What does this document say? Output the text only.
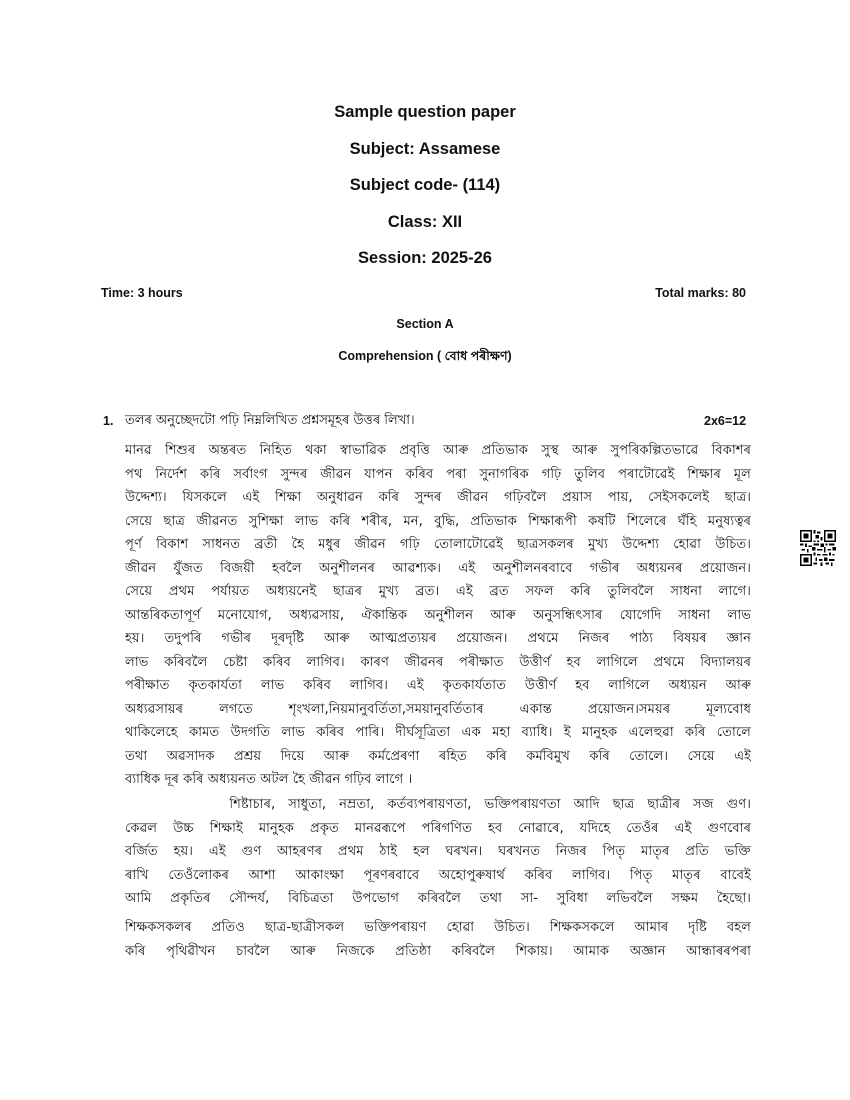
Sample question paper
Subject: Assamese
Subject code- (114)
Class: XII
Session: 2025-26
Time: 3 hours	Total marks: 80
Section A
Comprehension ( বোধ পৰীক্ষণ)
1. তলৰ অনুচ্ছেদটো পঢ়ি নিম্নলিখিত প্ৰশ্নসমূহৰ উত্তৰ লিখা।	2x6=12
মানৱ শিশুৰ অন্তৰত নিহিত থকা স্বাভাৱিক প্ৰবৃত্তি আৰু প্ৰতিভাক সুস্থ আৰু সুপৰিকল্পিতভাৱে বিকাশৰ
পথ নিৰ্দেশ কৰি সৰ্বাংগ সুন্দৰ জীৱন যাপন কৰিব পৰা সুনাগৰিক গঢ়ি তুলিব পৰাটোৱেই শিক্ষাৰ মূল
উদ্দেশ্য। যিসকলে এই শিক্ষা অনুধাৱন কৰি সুন্দৰ জীৱন গঢ়িবলৈ প্ৰয়াস পায়, সেইসকলেই ছাত্ৰ।
সেয়ে ছাত্ৰ জীৱনত সুশিক্ষা লাভ কৰি শৰীৰ, মন, বুদ্ধি, প্ৰতিভাক শিক্ষাৰূপী কষটি শিলেৰে ঘঁহি মনুষ্যত্বৰ
পূৰ্ণ বিকাশ সাধনত ব্ৰতী হৈ মধুৰ জীৱন গঢ়ি তোলাটোৱেই ছাত্ৰসকলৰ মুখ্য উদ্দেশ্য হোৱা উচিত।
জীৱন যুঁজত বিজয়ী হবলৈ অনুশীলনৰ আৱশ্যক। এই অনুশীলনৰবাবে গভীৰ অধ্যয়নৰ প্ৰয়োজন।
সেয়ে প্ৰথম পৰ্যায়ত অধ্যয়নেই ছাত্ৰৰ মুখ্য ব্ৰত। এই ব্ৰত সফল কৰি তুলিবলৈ সাধনা লাগে।
আন্তৰিকতাপূৰ্ণ মনোযোগ, অধ্যৱসায়, ঐকান্তিক অনুশীলন আৰু অনুসন্ধিৎসাৰ যোগেদি সাধনা লাভ
হয়। তদুপৰি গভীৰ দূৰদৃষ্টি আৰু আত্মপ্ৰত্যয়ৰ প্ৰয়োজন। প্ৰথমে নিজৰ পাঠ্য বিষয়ৰ জ্ঞান
লাভ কৰিবলৈ চেষ্টা কৰিব লাগিব। কাৰণ জীৱনৰ পৰীক্ষাত উত্তীৰ্ণ হব লাগিলে প্ৰথমে বিদ্যালয়ৰ
পৰীক্ষাত কৃতকাৰ্যতা লাভ কৰিব লাগিব। এই কৃতকাৰ্যতাত উত্তীৰ্ণ হব লাগিলে অধ্যয়ন আৰু
অধ্যৱসায়ৰ লগতে শৃংখলা,নিয়মানুবৰ্তিতা,সময়ানুবৰ্তিতাৰ একান্ত প্ৰয়োজন।সময়ৰ মূল্যবোধ
থাকিলেহে কামত উদগতি লাভ কৰিব পাৰি। দীৰ্ঘসূত্ৰিতা এক মহা ব্যাধি। ই মানুহক এলেহুৱা কৰি তোলে
তথা অৱসাদক প্ৰশ্ৰয় দিয়ে আৰু কৰ্মপ্ৰেৰণা ৰহিত কৰি কৰ্মবিমুখ কৰি তোলে। সেয়ে এই
ব্যাধিক দূৰ কৰি অধ্যয়নত অটল হৈ জীৱন গঢ়িব লাগে ।
শিষ্টাচাৰ, সাধুতা, নম্ৰতা, কৰ্তব্যপৰায়ণতা, ভক্তিপৰায়ণতা আদি ছাত্ৰ ছাত্ৰীৰ সজ গুণ।
কেৱল উচ্চ শিক্ষাই মানুহক প্ৰকৃত মানৱৰূপে পৰিগণিত হব নোৱাৰে, যদিহে তেওঁৰ এই গুণবোৰ
বৰ্জিত হয়। এই গুণ আহৰণৰ প্ৰথম ঠাই হল ঘৰখন। ঘৰখনত নিজৰ পিতৃ মাতৃৰ প্ৰতি ভক্তি
ৰাখি তেওঁলোকৰ আশা আকাংক্ষা পূৰণৰবাবে অহোপুৰুষাৰ্থ কৰিব লাগিব। পিতৃ মাতৃৰ বাবেই
আমি প্ৰকৃতিৰ সৌন্দৰ্য, বিচিত্ৰতা উপভোগ কৰিবলৈ তথা সা- সুবিধা লভিবলৈ সক্ষম হৈছো।
শিক্ষকসকলৰ প্ৰতিও ছাত্ৰ-ছাত্ৰীসকল ভক্তিপৰায়ণ হোৱা উচিত। শিক্ষকসকলে আমাৰ দৃষ্টি বহল
কৰি পৃথিৱীখন চাবলৈ আৰু নিজকে প্ৰতিষ্ঠা কৰিবলৈ শিকায়। আমাক অজ্ঞান আন্ধাৰৰপৰা
